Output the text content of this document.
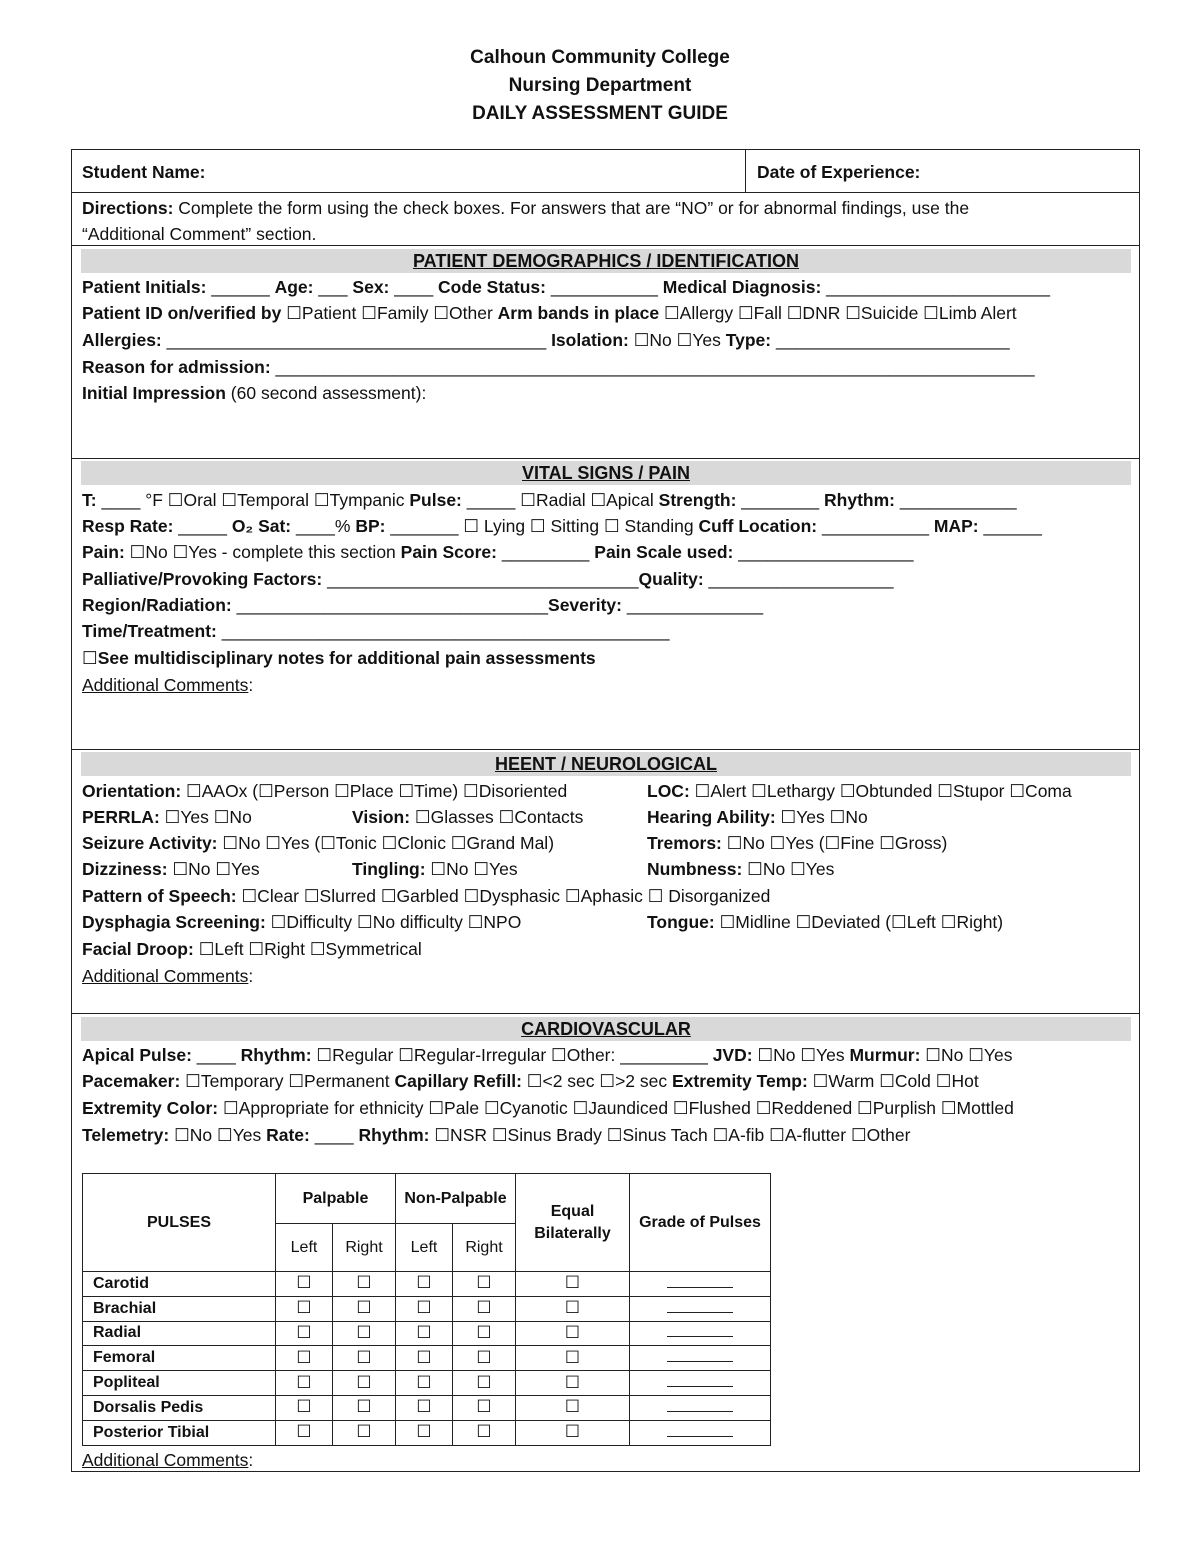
Calhoun Community College
Nursing Department
DAILY ASSESSMENT GUIDE
Student Name:	Date of Experience:
Directions: Complete the form using the check boxes. For answers that are “NO” or for abnormal findings, use the
“Additional Comment” section.
PATIENT DEMOGRAPHICS / IDENTIFICATION
Patient Initials: ______ Age: ___ Sex: ____ Code Status: ___________ Medical Diagnosis: _______________________
Patient ID on/verified by ☐Patient ☐Family ☐Other Arm bands in place ☐Allergy ☐Fall ☐DNR ☐Suicide ☐Limb Alert
Allergies: _______________________________________ Isolation: ☐No ☐Yes Type: ________________________
Reason for admission: ______________________________________________________________________________
Initial Impression (60 second assessment):
VITAL SIGNS / PAIN
T: ____ °F ☐Oral ☐Temporal ☐Tympanic Pulse: _____ ☐Radial ☐Apical Strength: ________ Rhythm: ____________
Resp Rate: _____ O₂ Sat: ____% BP: _______ ☐ Lying ☐ Sitting ☐ Standing Cuff Location: ___________ MAP: ______
Pain: ☐No ☐Yes - complete this section Pain Score: _________ Pain Scale used: __________________
Palliative/Provoking Factors: ________________________________Quality: ___________________
Region/Radiation: ________________________________Severity: ______________
Time/Treatment: ______________________________________________
☐See multidisciplinary notes for additional pain assessments
Additional Comments:
HEENT / NEUROLOGICAL
Orientation: ☐AAOx (☐Person ☐Place ☐Time) ☐Disoriented	LOC: ☐Alert ☐Lethargy ☐Obtunded ☐Stupor ☐Coma
PERRLA: ☐Yes ☐No	Vision: ☐Glasses ☐Contacts	Hearing Ability: ☐Yes ☐No
Seizure Activity: ☐No ☐Yes (☐Tonic ☐Clonic ☐Grand Mal)	Tremors: ☐No ☐Yes (☐Fine ☐Gross)
Dizziness: ☐No ☐Yes	Tingling: ☐No ☐Yes	Numbness: ☐No ☐Yes
Pattern of Speech: ☐Clear ☐Slurred ☐Garbled ☐Dysphasic ☐Aphasic ☐ Disorganized
Dysphagia Screening: ☐Difficulty ☐No difficulty ☐NPO	Tongue: ☐Midline ☐Deviated (☐Left ☐Right)
Facial Droop: ☐Left ☐Right ☐Symmetrical
Additional Comments:
CARDIOVASCULAR
Apical Pulse: ____ Rhythm: ☐Regular ☐Regular-Irregular ☐Other: _________ JVD: ☐No ☐Yes Murmur: ☐No ☐Yes
Pacemaker: ☐Temporary ☐Permanent Capillary Refill: ☐<2 sec ☐>2 sec Extremity Temp: ☐Warm ☐Cold ☐Hot
Extremity Color: ☐Appropriate for ethnicity ☐Pale ☐Cyanotic ☐Jaundiced ☐Flushed ☐Reddened ☐Purplish ☐Mottled
Telemetry: ☐No ☐Yes Rate: ____ Rhythm: ☐NSR ☐Sinus Brady ☐Sinus Tach ☐A-fib ☐A-flutter ☐Other
PULSES	Palpable		Non-Palpable		Equal Bilaterally	Grade of Pulses
	Left	Right	Left	Right		
Carotid	☐	☐	☐	☐	☐	
Brachial	☐	☐	☐	☐	☐	
Radial	☐	☐	☐	☐	☐	
Femoral	☐	☐	☐	☐	☐	
Popliteal	☐	☐	☐	☐	☐	
Dorsalis Pedis	☐	☐	☐	☐	☐	
Posterior Tibial	☐	☐	☐	☐	☐	
Additional Comments:
